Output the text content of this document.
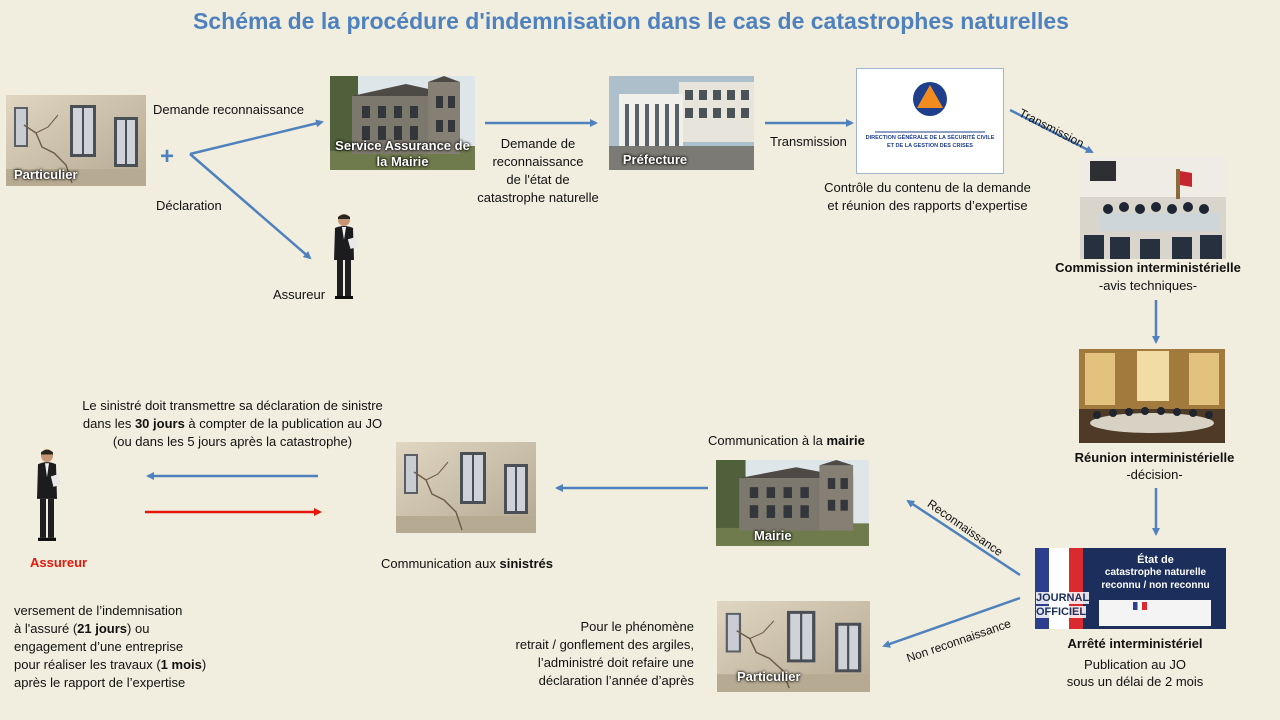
Schéma de la procédure d'indemnisation dans le cas de catastrophes naturelles
Particulier
+
Demande reconnaissance
Déclaration
Service Assurance de la Mairie
Demande de
reconnaissance
de l'état de
catastrophe naturelle
Préfecture
Transmission	DIRECTION GÉNÉRALE DE LA SÉCURITÉ CIVILE
ET DE LA GESTION DES CRISES	Transmission
Contrôle du contenu de la demande
et réunion des rapports d’expertise
Assureur
Commission interministérielle
-avis techniques-
Réunion interministérielle
-décision-
JOURNAL
OFFICIEL
État de
catastrophe naturelle
reconnu / non reconnu
Arrêté interministériel
Publication au JO
sous un délai de 2 mois
Reconnaissance
Non reconnaissance
Communication à la mairie
Mairie
Particulier
Pour le phénomène
retrait / gonflement des argiles,
l’administré doit refaire une
déclaration l’année d’après
Communication aux sinistrés
Le sinistré doit transmettre sa déclaration de sinistre
dans les 30 jours à compter de la publication au JO
(ou dans les 5 jours après la catastrophe)
Assureur
versement de l’indemnisation
à l'assuré (21 jours) ou
engagement d’une entreprise
pour réaliser les travaux (1 mois)
après le rapport de l’expertise
